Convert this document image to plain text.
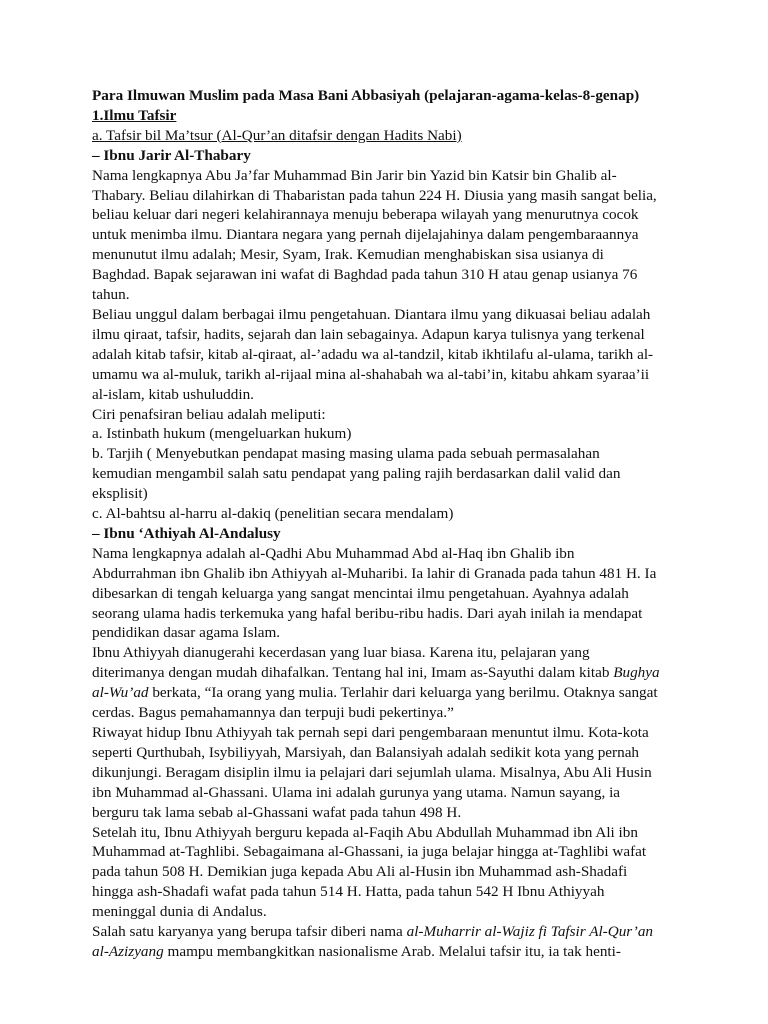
Para Ilmuwan Muslim pada Masa Bani Abbasiyah (pelajaran-agama-kelas-8-genap)
1.Ilmu Tafsir
a. Tafsir bil Ma’tsur (Al-Qur’an ditafsir dengan Hadits Nabi)
– Ibnu Jarir Al-Thabary
Nama lengkapnya Abu Ja’far Muhammad Bin Jarir bin Yazid bin Katsir bin Ghalib al-
Thabary. Beliau dilahirkan di Thabaristan pada tahun 224 H. Diusia yang masih sangat belia,
beliau keluar dari negeri kelahirannaya menuju beberapa wilayah yang menurutnya cocok
untuk menimba ilmu. Diantara negara yang pernah dijelajahinya dalam pengembaraannya
menunutut ilmu adalah; Mesir, Syam, Irak. Kemudian menghabiskan sisa usianya di
Baghdad. Bapak sejarawan ini wafat di Baghdad pada tahun 310 H atau genap usianya 76
tahun.
Beliau unggul dalam berbagai ilmu pengetahuan. Diantara ilmu yang dikuasai beliau adalah
ilmu qiraat, tafsir, hadits, sejarah dan lain sebagainya. Adapun karya tulisnya yang terkenal
adalah kitab tafsir, kitab al-qiraat, al-’adadu wa al-tandzil, kitab ikhtilafu al-ulama, tarikh al-
umamu wa al-muluk, tarikh al-rijaal mina al-shahabah wa al-tabi’in, kitabu ahkam syaraa’ii
al-islam, kitab ushuluddin.
Ciri penafsiran beliau adalah meliputi:
a. Istinbath hukum (mengeluarkan hukum)
b. Tarjih ( Menyebutkan pendapat masing masing ulama pada sebuah permasalahan
kemudian mengambil salah satu pendapat yang paling rajih berdasarkan dalil valid dan
eksplisit)
c. Al-bahtsu al-harru al-dakiq (penelitian secara mendalam)
– Ibnu ‘Athiyah Al-Andalusy
Nama lengkapnya adalah al-Qadhi Abu Muhammad Abd al-Haq ibn Ghalib ibn
Abdurrahman ibn Ghalib ibn Athiyyah al-Muharibi. Ia lahir di Granada pada tahun 481 H. Ia
dibesarkan di tengah keluarga yang sangat mencintai ilmu pengetahuan. Ayahnya adalah
seorang ulama hadis terkemuka yang hafal beribu-ribu hadis. Dari ayah inilah ia mendapat
pendidikan dasar agama Islam.
Ibnu Athiyyah dianugerahi kecerdasan yang luar biasa. Karena itu, pelajaran yang
diterimanya dengan mudah dihafalkan. Tentang hal ini, Imam as-Sayuthi dalam kitab Bughya
al-Wu’ad berkata, “Ia orang yang mulia. Terlahir dari keluarga yang berilmu. Otaknya sangat
cerdas. Bagus pemahamannya dan terpuji budi pekertinya.”
Riwayat hidup Ibnu Athiyyah tak pernah sepi dari pengembaraan menuntut ilmu. Kota-kota
seperti Qurthubah, Isybiliyyah, Marsiyah, dan Balansiyah adalah sedikit kota yang pernah
dikunjungi. Beragam disiplin ilmu ia pelajari dari sejumlah ulama. Misalnya, Abu Ali Husin
ibn Muhammad al-Ghassani. Ulama ini adalah gurunya yang utama. Namun sayang, ia
berguru tak lama sebab al-Ghassani wafat pada tahun 498 H.
Setelah itu, Ibnu Athiyyah berguru kepada al-Faqih Abu Abdullah Muhammad ibn Ali ibn
Muhammad at-Taghlibi. Sebagaimana al-Ghassani, ia juga belajar hingga at-Taghlibi wafat
pada tahun 508 H. Demikian juga kepada Abu Ali al-Husin ibn Muhammad ash-Shadafi
hingga ash-Shadafi wafat pada tahun 514 H. Hatta, pada tahun 542 H Ibnu Athiyyah
meninggal dunia di Andalus.
Salah satu karyanya yang berupa tafsir diberi nama al-Muharrir al-Wajiz fi Tafsir Al-Qur’an
al-Azizyang mampu membangkitkan nasionalisme Arab. Melalui tafsir itu, ia tak henti-
